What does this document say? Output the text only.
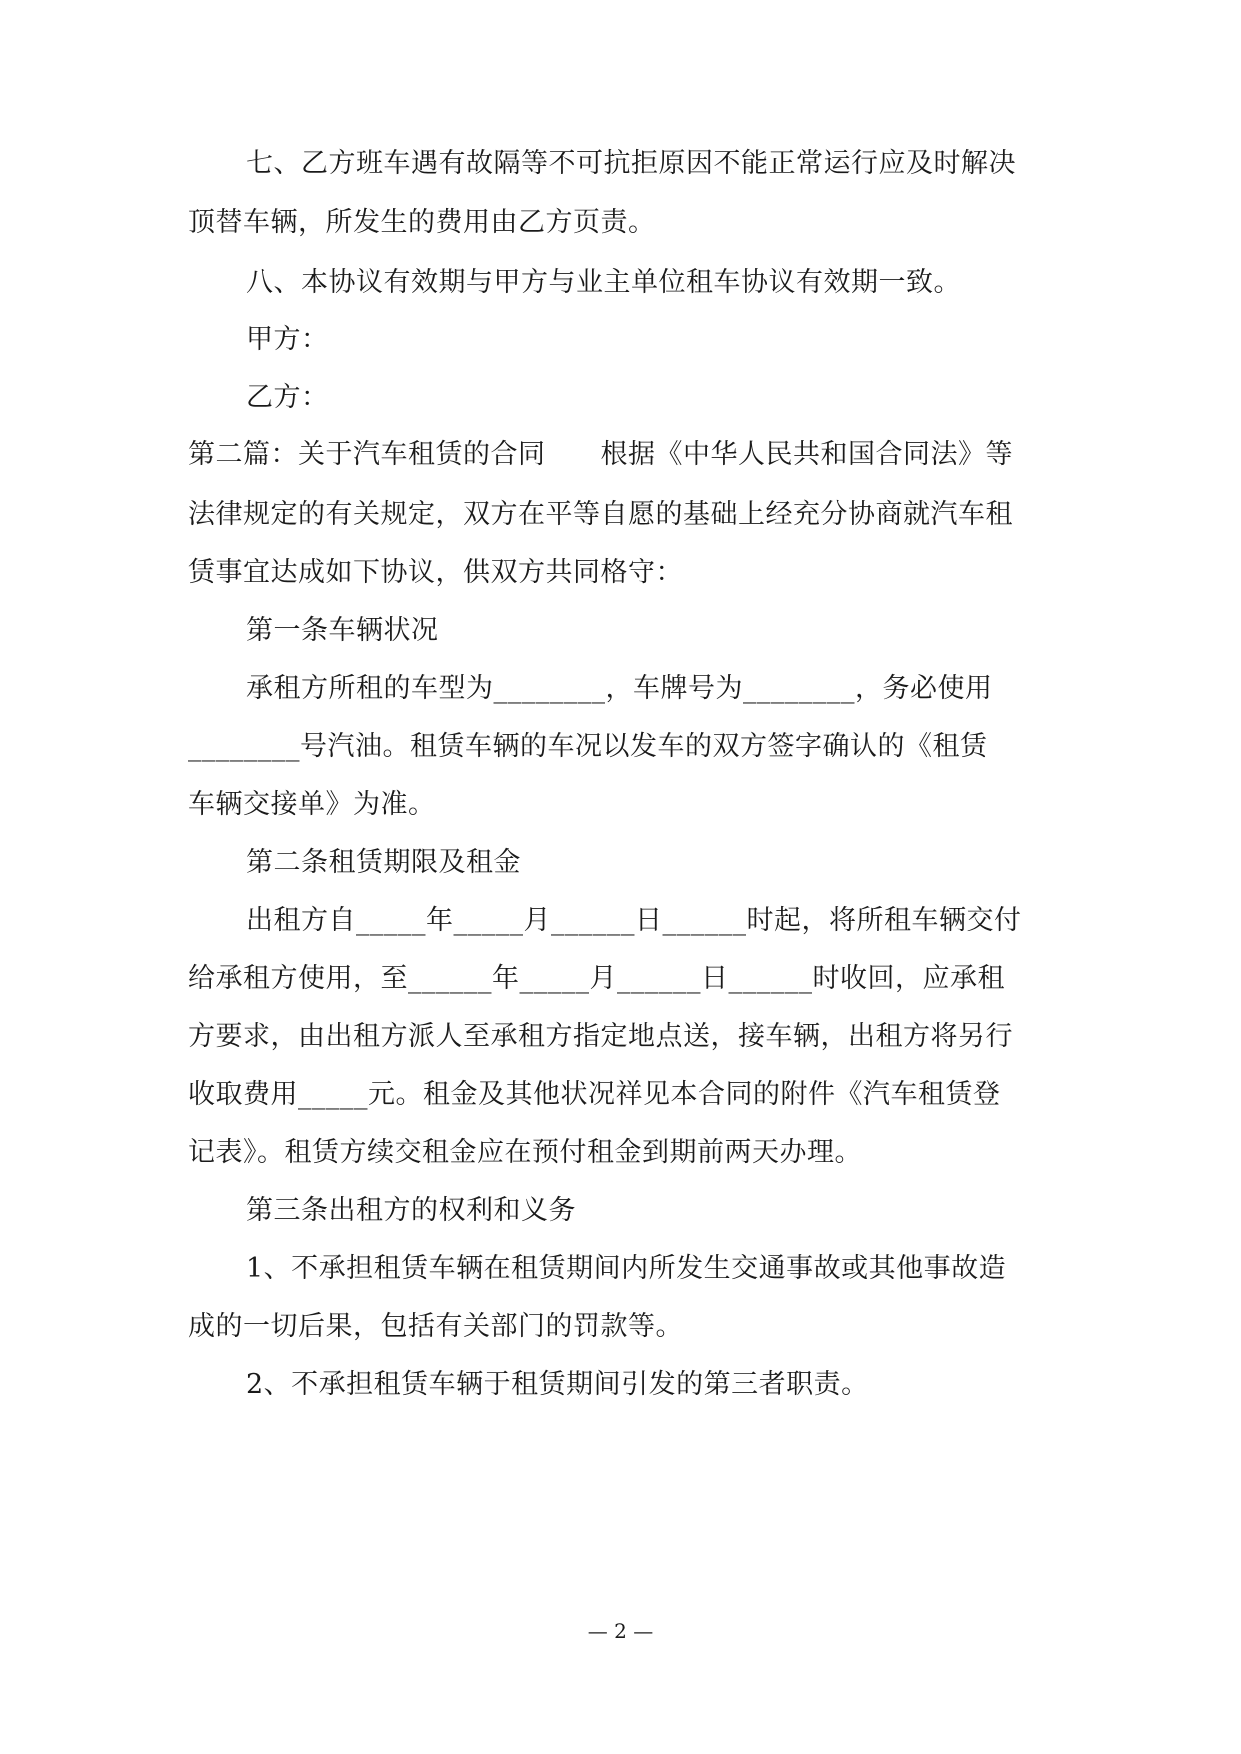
七、乙方班车遇有故隔等不可抗拒原因不能正常运行应及时解决
顶替车辆，所发生的费用由乙方页责。
八、本协议有效期与甲方与业主单位租车协议有效期一致。
甲方：
乙方：
第二篇：关于汽车租赁的合同　　根据《中华人民共和国合同法》等
法律规定的有关规定，双方在平等自愿的基础上经充分协商就汽车租
赁事宜达成如下协议，供双方共同格守：
第一条车辆状况
承租方所租的车型为________，车牌号为________，务必使用
________号汽油。租赁车辆的车况以发车的双方签字确认的《租赁
车辆交接单》为准。
第二条租赁期限及租金
出租方自_____年_____月______日______时起，将所租车辆交付
给承租方使用，至______年_____月______日______时收回，应承租
方要求，由出租方派人至承租方指定地点送，接车辆，出租方将另行
收取费用_____元。租金及其他状况祥见本合同的附件《汽车租赁登
记表》。租赁方续交租金应在预付租金到期前两天办理。
第三条出租方的权利和义务
1、不承担租赁车辆在租赁期间内所发生交通事故或其他事故造
成的一切后果，包括有关部门的罚款等。
2、不承担租赁车辆于租赁期间引发的第三者职责。
— 2 —
